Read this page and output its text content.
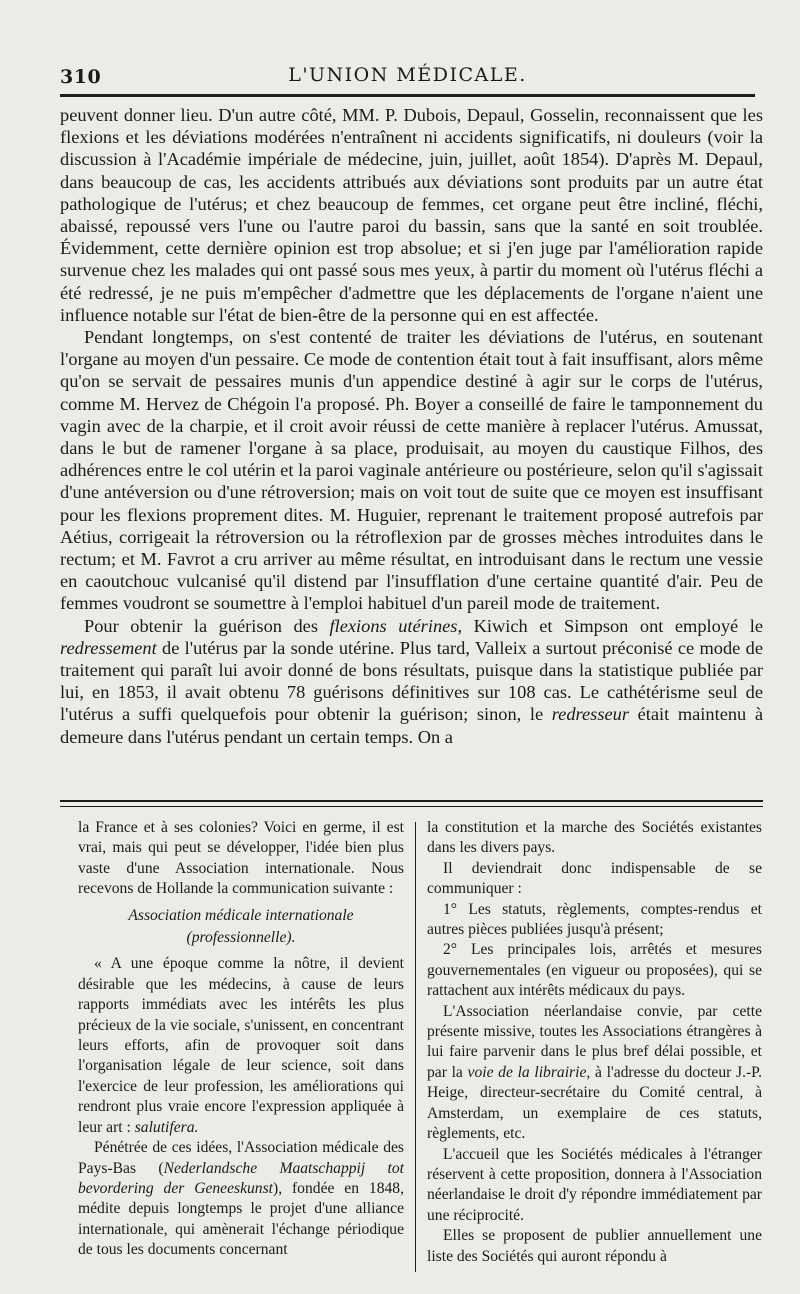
310	L'UNION MÉDICALE.

peuvent donner lieu. D'un autre côté, MM. P. Dubois, Depaul, Gosselin, reconnaissent que les flexions et les déviations modérées n'entraînent ni accidents significatifs, ni douleurs (voir la discussion à l'Académie impériale de médecine, juin, juillet, août 1854). D'après M. Depaul, dans beaucoup de cas, les accidents attribués aux déviations sont produits par un autre état pathologique de l'utérus; et chez beaucoup de femmes, cet organe peut être incliné, fléchi, abaissé, repoussé vers l'une ou l'autre paroi du bassin, sans que la santé en soit troublée. Évidemment, cette dernière opinion est trop absolue; et si j'en juge par l'amélioration rapide survenue chez les malades qui ont passé sous mes yeux, à partir du moment où l'utérus fléchi a été redressé, je ne puis m'empêcher d'admettre que les déplacements de l'organe n'aient une influence notable sur l'état de bien-être de la personne qui en est affectée.

Pendant longtemps, on s'est contenté de traiter les déviations de l'utérus, en soutenant l'organe au moyen d'un pessaire. Ce mode de contention était tout à fait insuffisant, alors même qu'on se servait de pessaires munis d'un appendice destiné à agir sur le corps de l'utérus, comme M. Hervez de Chégoin l'a proposé. Ph. Boyer a conseillé de faire le tamponnement du vagin avec de la charpie, et il croit avoir réussi de cette manière à replacer l'utérus. Amussat, dans le but de ramener l'organe à sa place, produisait, au moyen du caustique Filhos, des adhérences entre le col utérin et la paroi vaginale antérieure ou postérieure, selon qu'il s'agissait d'une antéversion ou d'une rétroversion; mais on voit tout de suite que ce moyen est insuffisant pour les flexions proprement dites. M. Huguier, reprenant le traitement proposé autrefois par Aétius, corrigeait la rétroversion ou la rétroflexion par de grosses mèches introduites dans le rectum; et M. Favrot a cru arriver au même résultat, en introduisant dans le rectum une vessie en caoutchouc vulcanisé qu'il distend par l'insufflation d'une certaine quantité d'air. Peu de femmes voudront se soumettre à l'emploi habituel d'un pareil mode de traitement.

Pour obtenir la guérison des flexions utérines, Kiwich et Simpson ont employé le redressement de l'utérus par la sonde utérine. Plus tard, Valleix a surtout préconisé ce mode de traitement qui paraît lui avoir donné de bons résultats, puisque dans la statistique publiée par lui, en 1853, il avait obtenu 78 guérisons définitives sur 108 cas. Le cathétérisme seul de l'utérus a suffi quelquefois pour obtenir la guérison; sinon, le redresseur était maintenu à demeure dans l'utérus pendant un certain temps. On a

la France et à ses colonies? Voici en germe, il est vrai, mais qui peut se développer, l'idée bien plus vaste d'une Association internationale. Nous recevons de Hollande la communication suivante :

Association médicale internationale

(professionnelle).

« A une époque comme la nôtre, il devient désirable que les médecins, à cause de leurs rapports immédiats avec les intérêts les plus précieux de la vie sociale, s'unissent, en concentrant leurs efforts, afin de provoquer soit dans l'organisation légale de leur science, soit dans l'exercice de leur profession, les améliorations qui rendront plus vraie encore l'expression appliquée à leur art : salutifera.

Pénétrée de ces idées, l'Association médicale des Pays-Bas (Nederlandsche Maatschappij tot bevordering der Geneeskunst), fondée en 1848, médite depuis longtemps le projet d'une alliance internationale, qui amènerait l'échange périodique de tous les documents concernant

la constitution et la marche des Sociétés existantes dans les divers pays.

Il deviendrait donc indispensable de se communiquer :

1° Les statuts, règlements, comptes-rendus et autres pièces publiées jusqu'à présent;

2° Les principales lois, arrêtés et mesures gouvernementales (en vigueur ou proposées), qui se rattachent aux intérêts médicaux du pays.

L'Association néerlandaise convie, par cette présente missive, toutes les Associations étrangères à lui faire parvenir dans le plus bref délai possible, et par la voie de la librairie, à l'adresse du docteur J.-P. Heige, directeur-secrétaire du Comité central, à Amsterdam, un exemplaire de ces statuts, règlements, etc.

L'accueil que les Sociétés médicales à l'étranger réservent à cette proposition, donnera à l'Association néerlandaise le droit d'y répondre immédiatement par une réciprocité.

Elles se proposent de publier annuellement une liste des Sociétés qui auront répondu à
